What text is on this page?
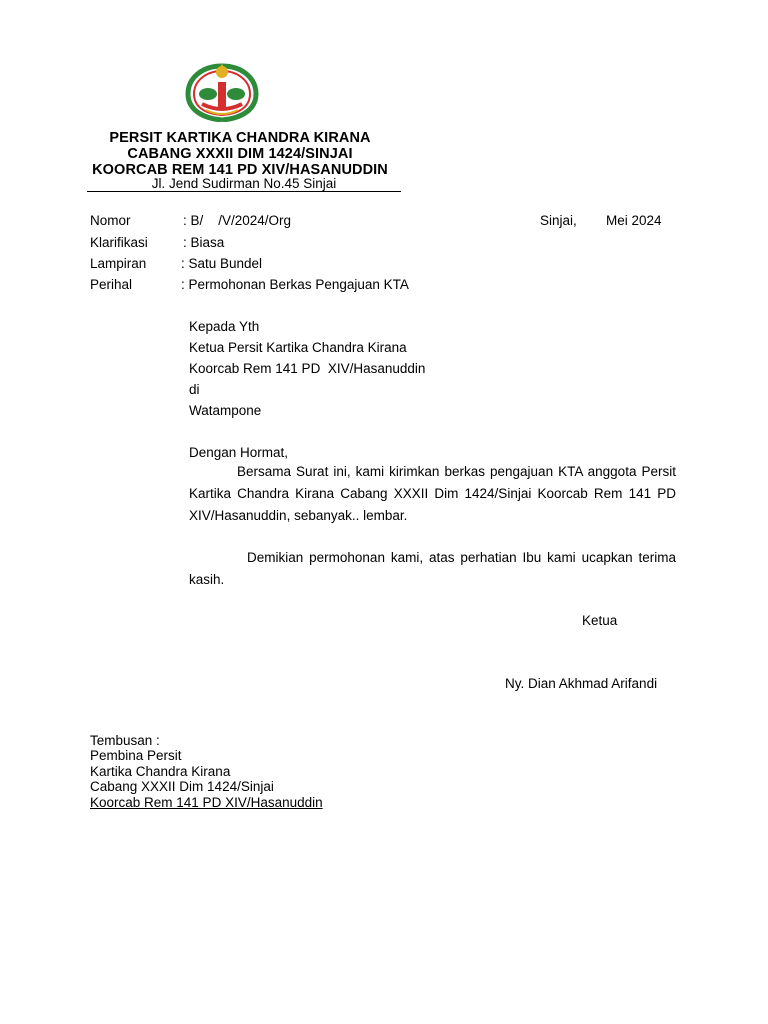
PERSIT KARTIKA CHANDRA KIRANA
CABANG XXXII DIM 1424/SINJAI
KOORCAB REM 141 PD XIV/HASANUDDIN
Jl. Jend Sudirman No.45 Sinjai
Nomor	: B/    /V/2024/Org	Sinjai, Mei 2024
Klarifikasi	: Biasa
Lampiran	: Satu Bundel
Perihal	: Permohonan Berkas Pengajuan KTA
Kepada Yth
Ketua Persit Kartika Chandra Kirana
Koorcab Rem 141 PD  XIV/Hasanuddin
di
Watampone
Dengan Hormat,
Bersama Surat ini, kami kirimkan berkas pengajuan KTA anggota Persit Kartika Chandra Kirana Cabang XXXII Dim 1424/Sinjai Koorcab Rem 141 PD XIV/Hasanuddin, sebanyak.. lembar.
Demikian permohonan kami, atas perhatian Ibu kami ucapkan terima kasih.
Ketua
Ny. Dian Akhmad Arifandi
Tembusan :
Pembina Persit
Kartika Chandra Kirana
Cabang XXXII Dim 1424/Sinjai
Koorcab Rem 141 PD XIV/Hasanuddin
